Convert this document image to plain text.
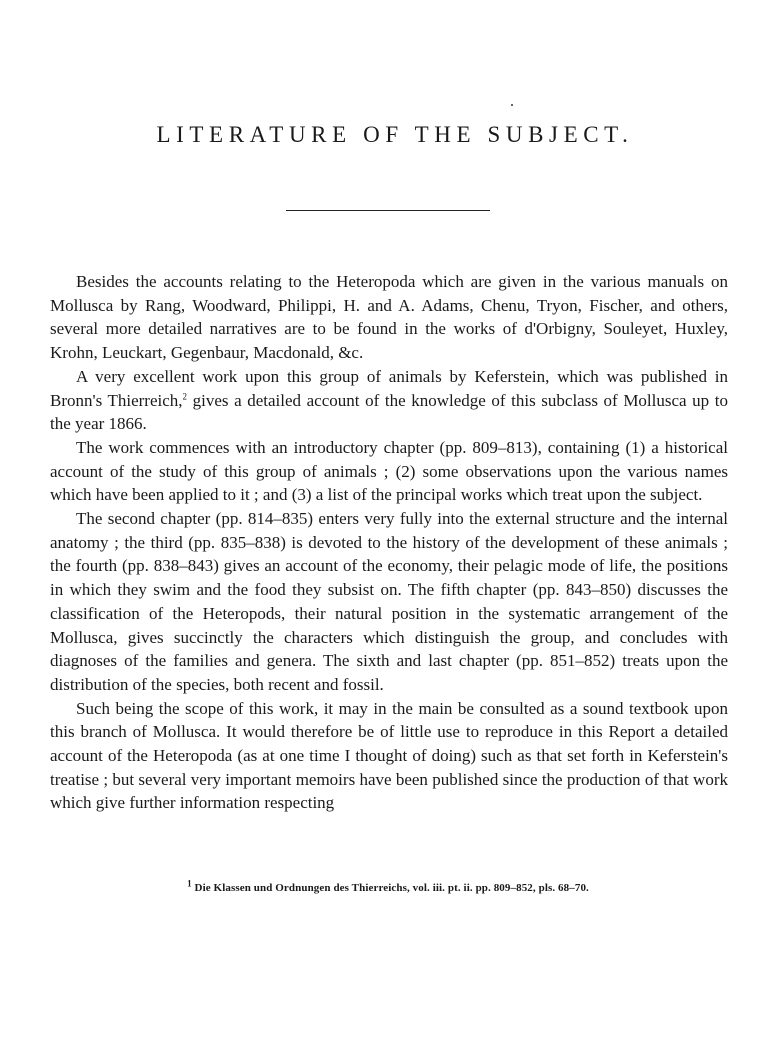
LITERATURE OF THE SUBJECT.

Besides the accounts relating to the Heteropoda which are given in the various manuals on Mollusca by Rang, Woodward, Philippi, H. and A. Adams, Chenu, Tryon, Fischer, and others, several more detailed narratives are to be found in the works of d'Orbigny, Souleyet, Huxley, Krohn, Leuckart, Gegenbaur, Macdonald, &c.

A very excellent work upon this group of animals by Keferstein, which was published in Bronn's Thierreich,$^2$ gives a detailed account of the knowledge of this subclass of Mollusca up to the year 1866.

The work commences with an introductory chapter (pp. 809–813), containing (1) a historical account of the study of this group of animals ; (2) some observations upon the various names which have been applied to it ; and (3) a list of the principal works which treat upon the subject.

The second chapter (pp. 814–835) enters very fully into the external structure and the internal anatomy ; the third (pp. 835–838) is devoted to the history of the development of these animals ; the fourth (pp. 838–843) gives an account of the economy, their pelagic mode of life, the positions in which they swim and the food they subsist on. The fifth chapter (pp. 843–850) discusses the classification of the Heteropods, their natural position in the systematic arrangement of the Mollusca, gives succinctly the characters which distinguish the group, and concludes with diagnoses of the families and genera. The sixth and last chapter (pp. 851–852) treats upon the distribution of the species, both recent and fossil.

Such being the scope of this work, it may in the main be consulted as a sound textbook upon this branch of Mollusca. It would therefore be of little use to reproduce in this Report a detailed account of the Heteropoda (as at one time I thought of doing) such as that set forth in Keferstein's treatise ; but several very important memoirs have been published since the production of that work which give further information respecting

$^1$ Die Klassen und Ordnungen des Thierreichs, vol. iii. pt. ii. pp. 809–852, pls. 68–70.
